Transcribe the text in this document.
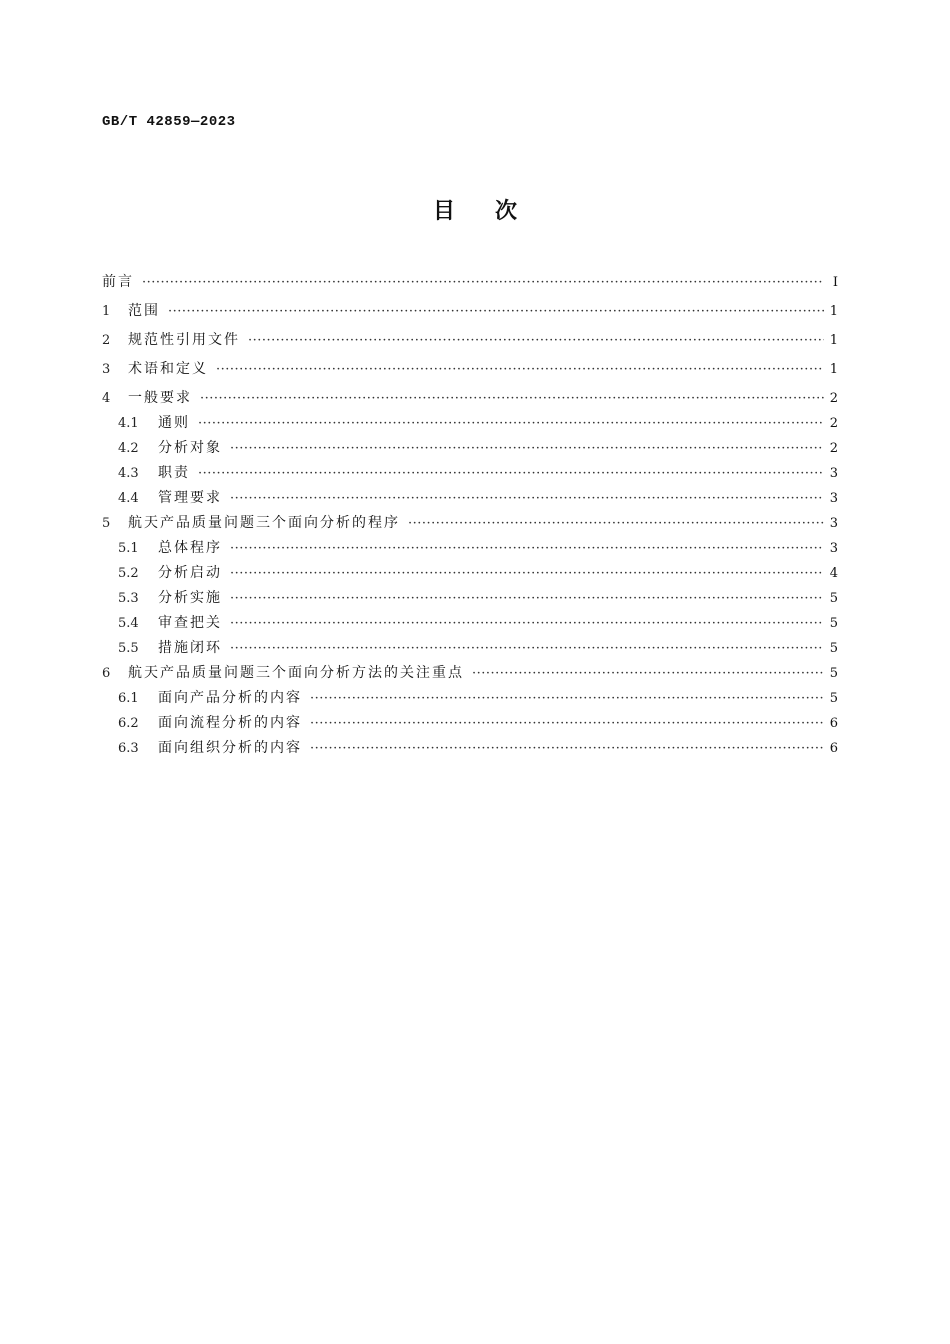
GB/T 42859—2023
目次
前言 ·····	Ⅰ
1	范围 ·····	1
2	规范性引用文件 ·····	1
3	术语和定义 ·····	1
4	一般要求 ·····	2
4.1	通则 ·····	2
4.2	分析对象 ·····	2
4.3	职责 ·····	3
4.4	管理要求 ·····	3
5	航天产品质量问题三个面向分析的程序 ·····	3
5.1	总体程序 ·····	3
5.2	分析启动 ·····	4
5.3	分析实施 ·····	5
5.4	审查把关 ·····	5
5.5	措施闭环 ·····	5
6	航天产品质量问题三个面向分析方法的关注重点 ·····	5
6.1	面向产品分析的内容 ·····	5
6.2	面向流程分析的内容 ·····	6
6.3	面向组织分析的内容 ·····	6
